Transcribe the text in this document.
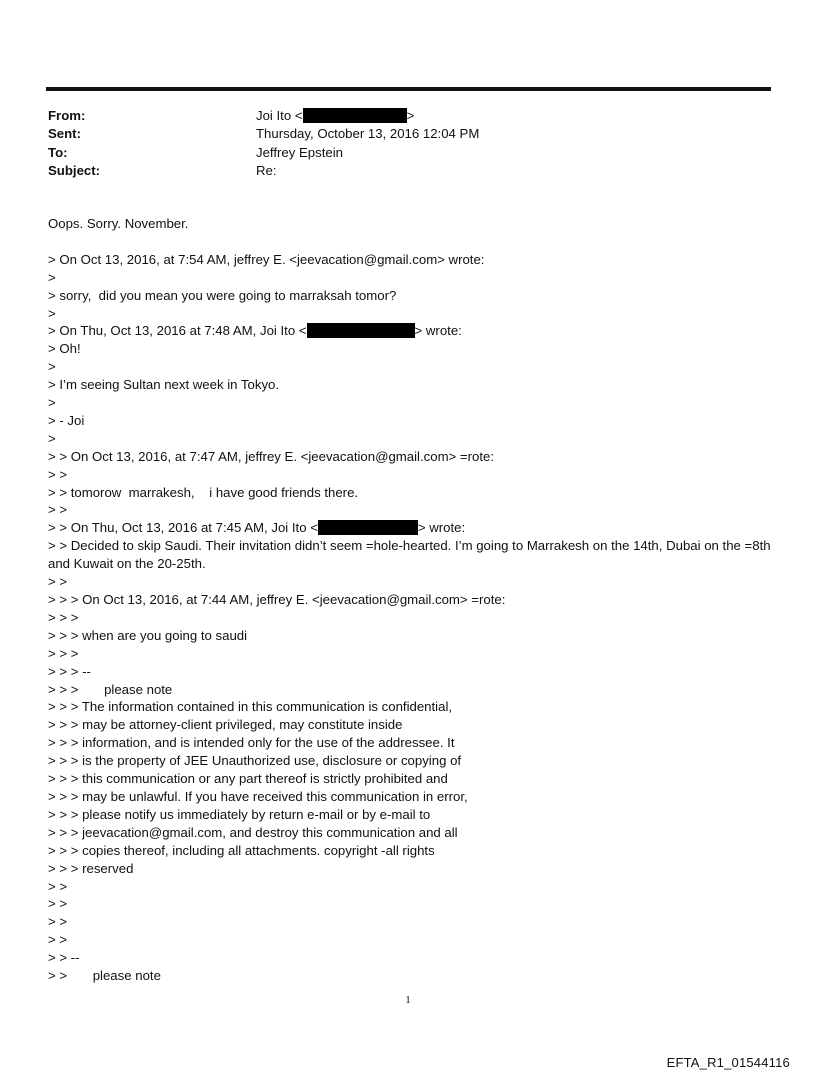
From:	Joi Ito <	>
Sent:	Thursday, October 13, 2016 12:04 PM
To:	Jeffrey Epstein
Subject:	Re:
Oops. Sorry. November.
> On Oct 13, 2016, at 7:54 AM, jeffrey E. <jeevacation@gmail.com> wrote:
>
> sorry,  did you mean you were going to marraksah tomor?
>
> On Thu, Oct 13, 2016 at 7:48 AM, Joi Ito <	> wrote:
> Oh!
>
> I’m seeing Sultan next week in Tokyo.
>
> - Joi
>
> > On Oct 13, 2016, at 7:47 AM, jeffrey E. <jeevacation@gmail.com> =rote:
> >
> > tomorow  marrakesh,    i have good friends there.
> >
> > On Thu, Oct 13, 2016 at 7:45 AM, Joi Ito <	> wrote:
> > Decided to skip Saudi. Their invitation didn’t seem =hole-hearted. I’m going to Marrakesh on the 14th, Dubai on the =8th and Kuwait on the 20-25th.
> >
> > > On Oct 13, 2016, at 7:44 AM, jeffrey E. <jeevacation@gmail.com> =rote:
> > >
> > > when are you going to saudi
> > >
> > > --
> > >       please note
> > > The information contained in this communication is confidential,
> > > may be attorney-client privileged, may constitute inside
> > > information, and is intended only for the use of the addressee. It
> > > is the property of JEE Unauthorized use, disclosure or copying of
> > > this communication or any part thereof is strictly prohibited and
> > > may be unlawful. If you have received this communication in error,
> > > please notify us immediately by return e-mail or by e-mail to
> > > jeevacation@gmail.com, and destroy this communication and all
> > > copies thereof, including all attachments. copyright -all rights
> > > reserved
> >
> >
> >
> >
> > --
> >       please note
1
EFTA_R1_01544116
